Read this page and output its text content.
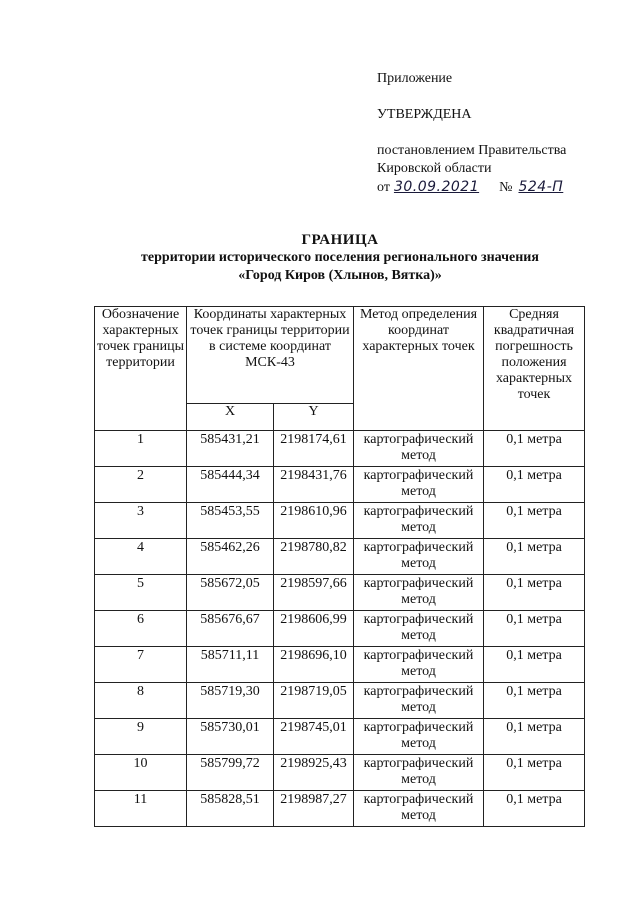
Приложение
УТВЕРЖДЕНА
постановлением Правительства
Кировской области
от 30.09.2021 № 524-П
ГРАНИЦА
территории исторического поселения регионального значения
«Город Киров (Хлынов, Вятка)»
Обозначение характерных точек границы территории	Координаты характерных точек границы территории в системе координат МСК-43		Метод определения координат характерных точек	Средняя квадратичная погрешность положения характерных точек
	X	Y		
1	585431,21	2198174,61	картографический метод	0,1 метра
2	585444,34	2198431,76	картографический метод	0,1 метра
3	585453,55	2198610,96	картографический метод	0,1 метра
4	585462,26	2198780,82	картографический метод	0,1 метра
5	585672,05	2198597,66	картографический метод	0,1 метра
6	585676,67	2198606,99	картографический метод	0,1 метра
7	585711,11	2198696,10	картографический метод	0,1 метра
8	585719,30	2198719,05	картографический метод	0,1 метра
9	585730,01	2198745,01	картографический метод	0,1 метра
10	585799,72	2198925,43	картографический метод	0,1 метра
11	585828,51	2198987,27	картографический метод	0,1 метра
